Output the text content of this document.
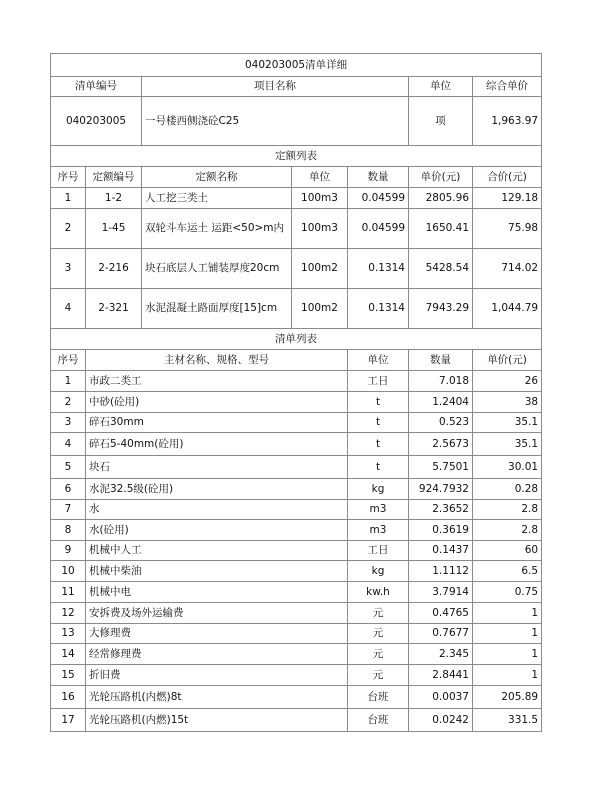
040203005清单详细							
清单编号		项目名称			单位	综合单价	
040203005		一号楼西侧浇砼C25			项	1,963.97	
定额列表							
序号	定额编号	定额名称	单位	数量	单价(元)	合价(元)	
1	1-2	人工挖三类土	100m3	0.04599	2805.96	129.18	
2	1-45	双轮斗车运土 运距<50>m内	100m3	0.04599	1650.41	75.98	
3	2-216	块石底层人工铺装厚度20cm	100m2	0.1314	5428.54	714.02	
4	2-321	水泥混凝土路面厚度[15]cm	100m2	0.1314	7943.29	1,044.79	
清单列表							
序号	主材名称、规格、型号			单位	数量	单价(元)	
1	市政二类工			工日	7.018	26	
2	中砂(砼用)			t	1.2404	38	
3	碎石30mm			t	0.523	35.1	
4	碎石5-40mm(砼用)			t	2.5673	35.1	
5	块石			t	5.7501	30.01	
6	水泥32.5级(砼用)			kg	924.7932	0.28	
7	水			m3	2.3652	2.8	
8	水(砼用)			m3	0.3619	2.8	
9	机械中人工			工日	0.1437	60	
10	机械中柴油			kg	1.1112	6.5	
11	机械中电			kw.h	3.7914	0.75	
12	安拆费及场外运输费			元	0.4765	1	
13	大修理费			元	0.7677	1	
14	经常修理费			元	2.345	1	
15	折旧费			元	2.8441	1	
16	光轮压路机(内燃)8t			台班	0.0037	205.89	
17	光轮压路机(内燃)15t			台班	0.0242	331.5	
